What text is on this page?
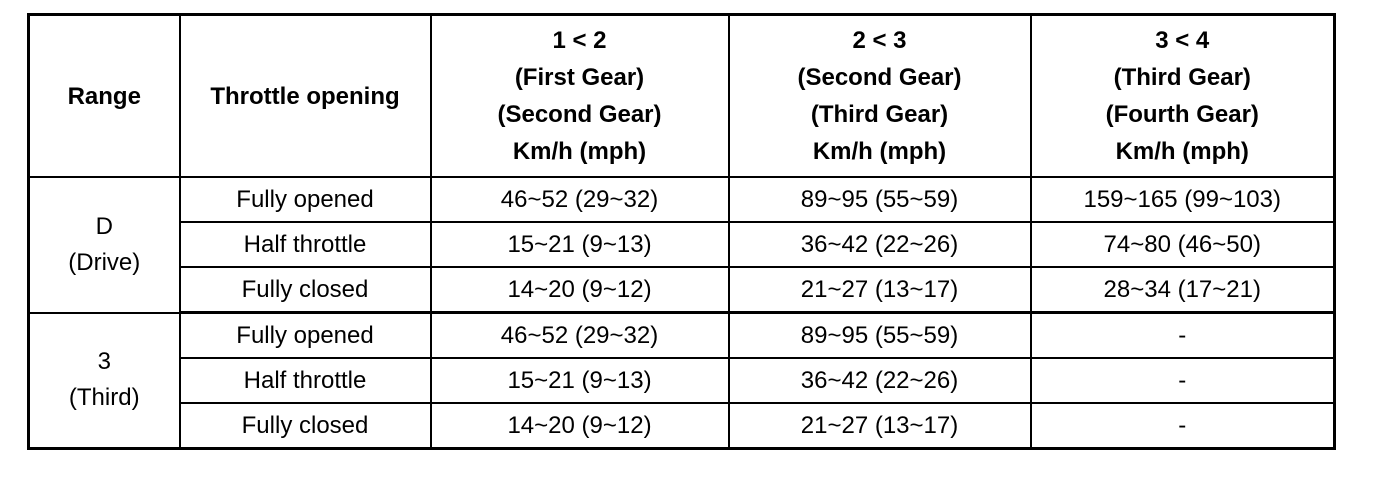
Range	Throttle opening	1 < 2
(First Gear)
(Second Gear)
Km/h (mph)	2 < 3
(Second Gear)
(Third Gear)
Km/h (mph)	3 < 4
(Third Gear)
(Fourth Gear)
Km/h (mph)

D
(Drive)	Fully opened	46~52 (29~32)	89~95 (55~59)	159~165 (99~103)
	Half throttle	15~21 (9~13)	36~42 (22~26)	74~80 (46~50)
	Fully closed	14~20 (9~12)	21~27 (13~17)	28~34 (17~21)

3
(Third)	Fully opened	46~52 (29~32)	89~95 (55~59)	-
	Half throttle	15~21 (9~13)	36~42 (22~26)	-
	Fully closed	14~20 (9~12)	21~27 (13~17)	-
